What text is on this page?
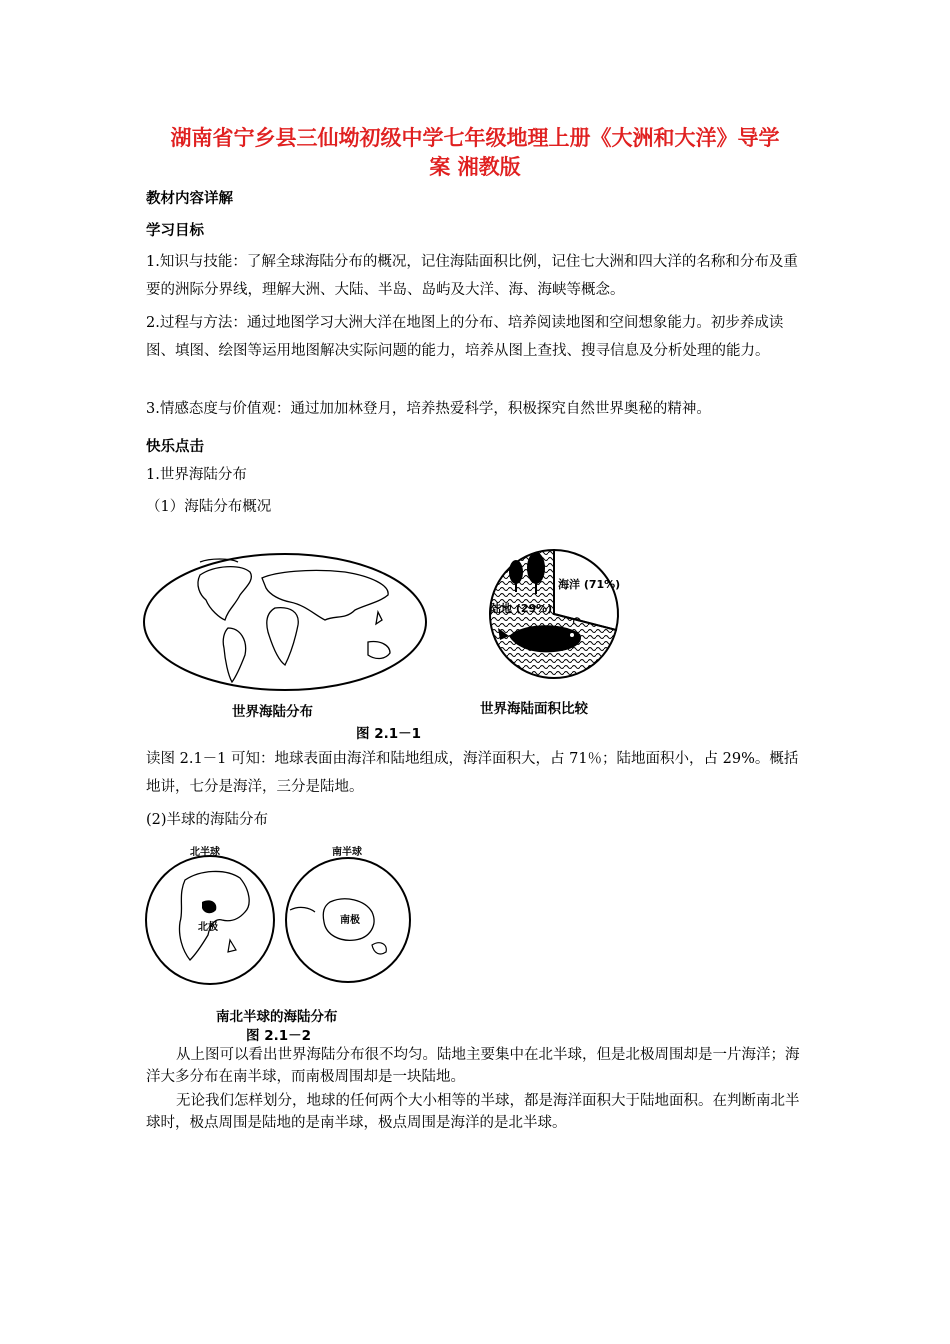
湖南省宁乡县三仙坳初级中学七年级地理上册《大洲和大洋》导学
案 湘教版
教材内容详解
学习目标
1.知识与技能：了解全球海陆分布的概况，记住海陆面积比例，记住七大洲和四大洋的名称和分布及重要的洲际分界线，理解大洲、大陆、半岛、岛屿及大洋、海、海峡等概念。
2.过程与方法：通过地图学习大洲大洋在地图上的分布、培养阅读地图和空间想象能力。初步养成读图、填图、绘图等运用地图解决实际问题的能力，培养从图上查找、搜寻信息及分析处理的能力。
3.情感态度与价值观：通过加加林登月，培养热爱科学，积极探究自然世界奥秘的精神。
快乐点击
1.世界海陆分布
（1）海陆分布概况
陆地 (29%)
海洋 (71%)
世界海陆分布	世界海陆面积比较
图 2.1－1
读图 2.1－1 可知：地球表面由海洋和陆地组成，海洋面积大，占 71％；陆地面积小，占 29%。概括地讲，七分是海洋，三分是陆地。
(2)半球的海陆分布
北极
北半球
南极
南半球
南北半球的海陆分布
图 2.1－2
从上图可以看出世界海陆分布很不均匀。陆地主要集中在北半球，但是北极周围却是一片海洋；海洋大多分布在南半球，而南极周围却是一块陆地。
无论我们怎样划分，地球的任何两个大小相等的半球，都是海洋面积大于陆地面积。在判断南北半球时，极点周围是陆地的是南半球，极点周围是海洋的是北半球。
